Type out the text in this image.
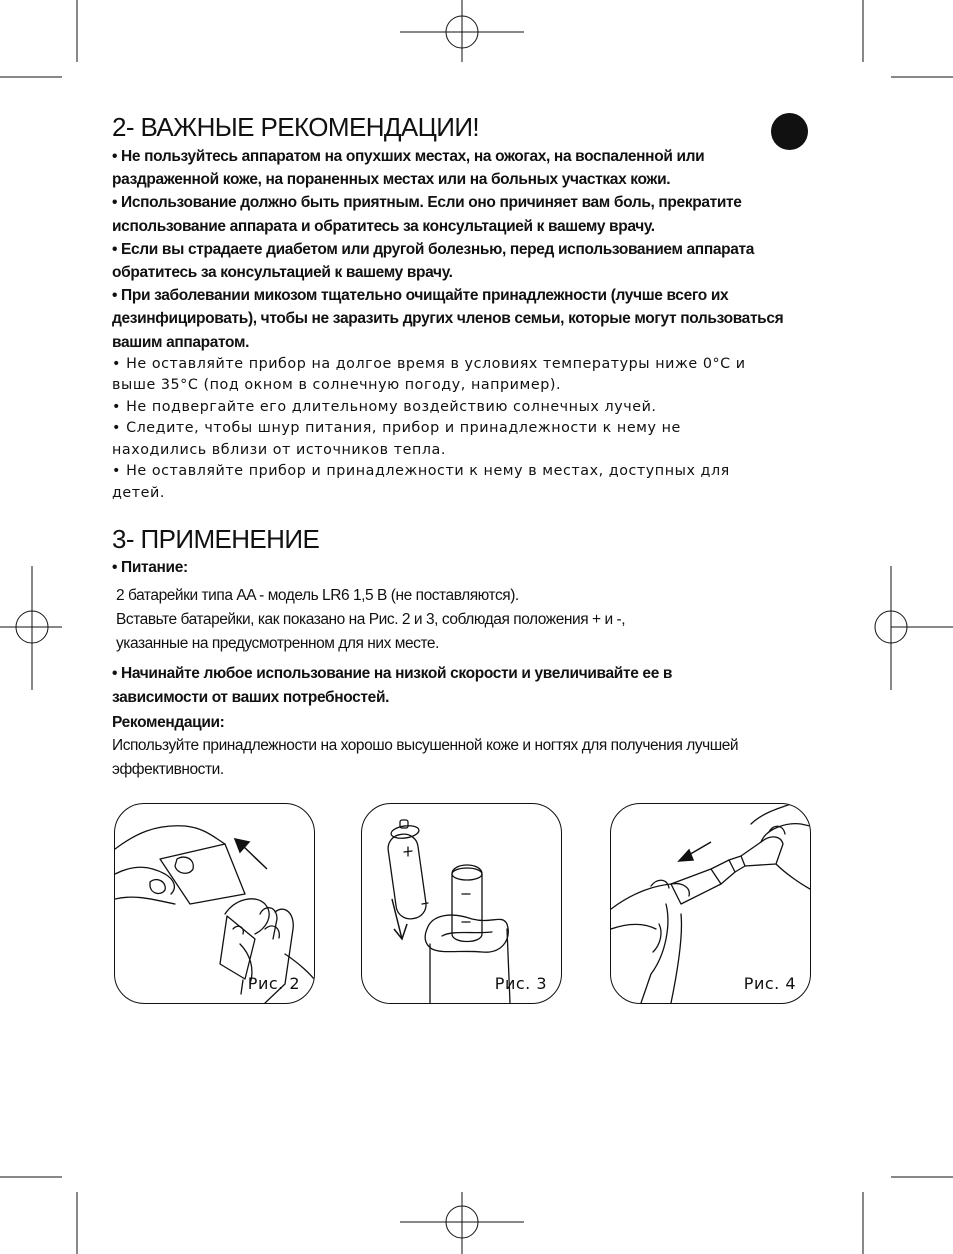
2- ВАЖНЫЕ РЕКОМЕНДАЦИИ!

• Не пользуйтесь аппаратом на опухших местах, на ожогах, на воспаленной или раздраженной коже, на пораненных местах или на больных участках кожи.

• Использование должно быть приятным. Если оно причиняет вам боль, прекратите использование аппарата и обратитесь за консультацией к вашему врачу.

• Если вы страдаете диабетом или другой болезнью, перед использованием аппарата обратитесь за консультацией к вашему врачу.

• При заболевании микозом тщательно очищайте принадлежности (лучше всего их дезинфицировать), чтобы не заразить других членов семьи, которые могут пользоваться вашим аппаратом.

• Не оставляйте прибор на долгое время в условиях температуры ниже 0°C и выше 35°C (под окном в солнечную погоду, например).

• Не подвергайте его длительному воздействию солнечных лучей.

• Следите, чтобы шнур питания, прибор и принадлежности к нему не находились вблизи от источников тепла.

• Не оставляйте прибор и принадлежности к нему в местах, доступных для детей.

3- ПРИМЕНЕНИЕ

• Питание:

2 батарейки типа AA - модель LR6 1,5 В (не поставляются).

Вставьте батарейки, как показано на Рис. 2 и 3, соблюдая положения + и -,

указанные на предусмотренном для них месте.

• Начинайте любое использование на низкой скорости и увеличивайте ее в зависимости от ваших потребностей.

Рекомендации:

Используйте принадлежности на хорошо высушенной коже и ногтях для получения лучшей эффективности.

Рис. 2	Рис. 3	Рис. 4
